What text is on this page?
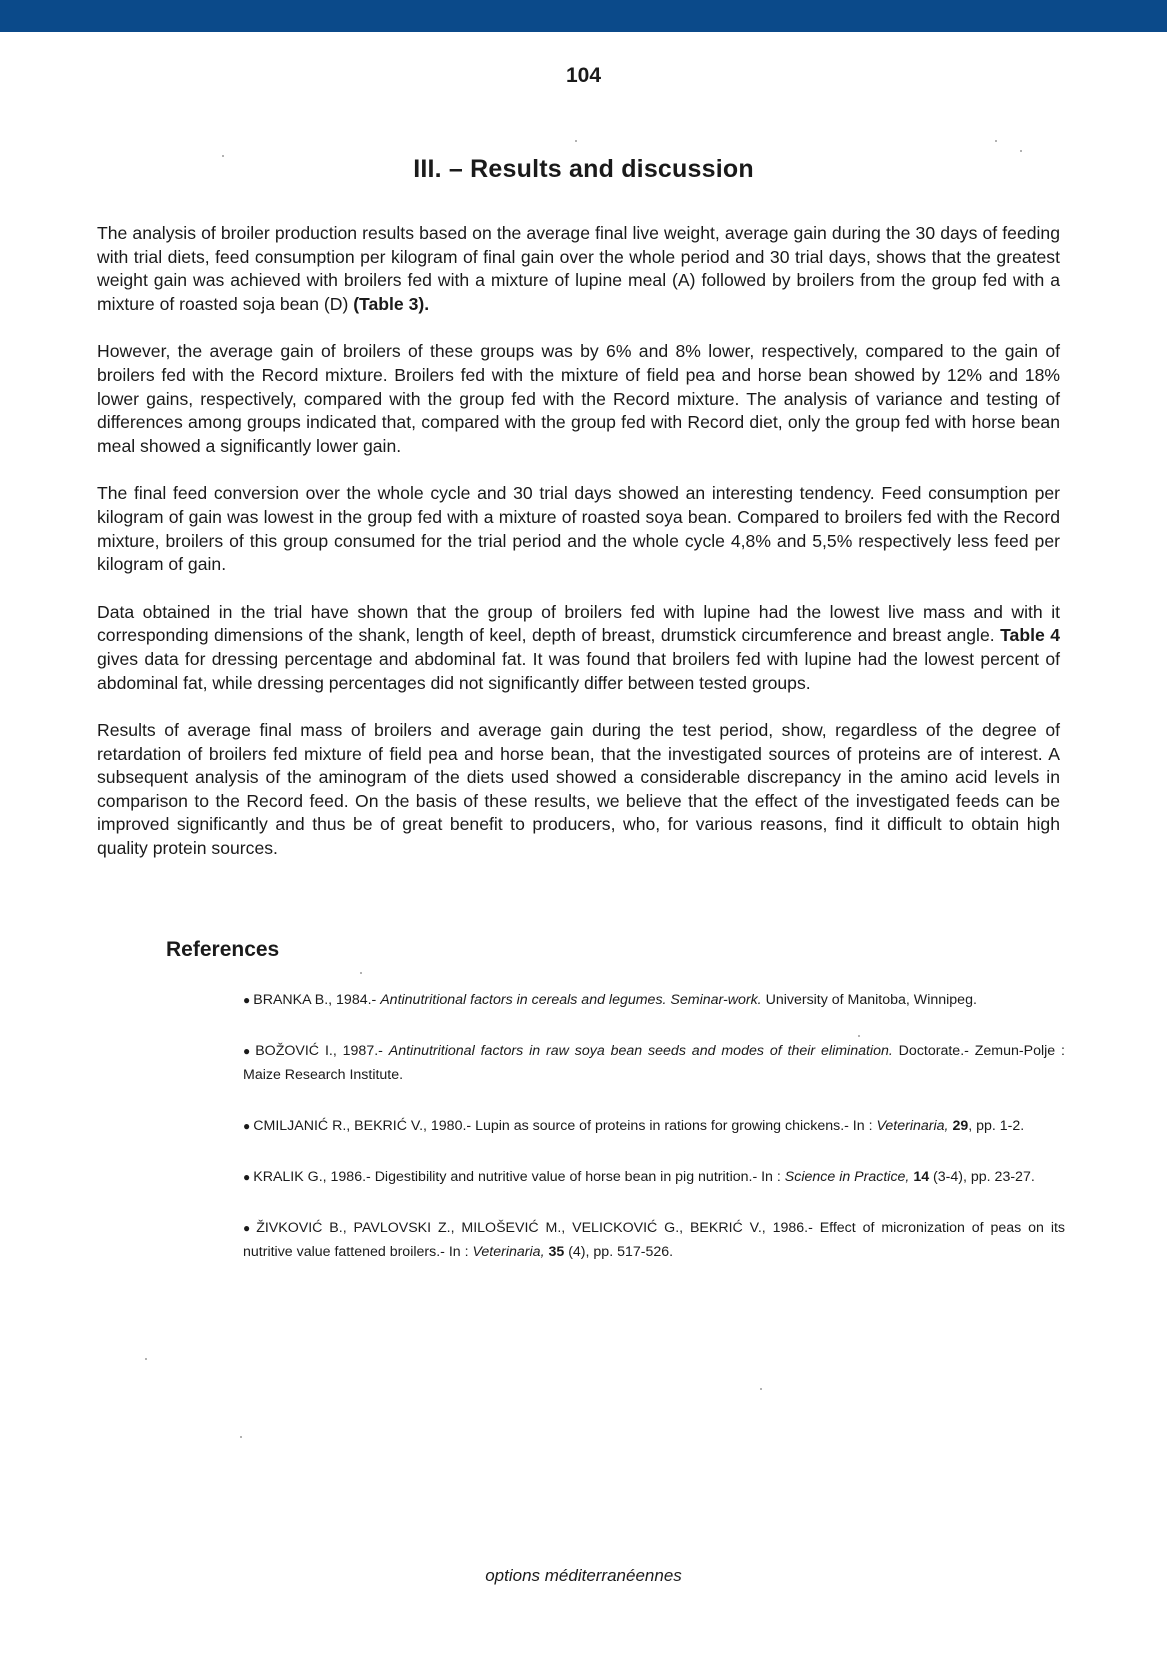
104
III. – Results and discussion

The analysis of broiler production results based on the average final live weight, average gain during the 30 days of feeding with trial diets, feed consumption per kilogram of final gain over the whole period and 30 trial days, shows that the greatest weight gain was achieved with broilers fed with a mixture of lupine meal (A) followed by broilers from the group fed with a mixture of roasted soja bean (D) (Table 3).

However, the average gain of broilers of these groups was by 6% and 8% lower, respectively, compared to the gain of broilers fed with the Record mixture. Broilers fed with the mixture of field pea and horse bean showed by 12% and 18% lower gains, respectively, compared with the group fed with the Record mixture. The analysis of variance and testing of differences among groups indicated that, compared with the group fed with Record diet, only the group fed with horse bean meal showed a significantly lower gain.

The final feed conversion over the whole cycle and 30 trial days showed an interesting tendency. Feed consumption per kilogram of gain was lowest in the group fed with a mixture of roasted soya bean. Compared to broilers fed with the Record mixture, broilers of this group consumed for the trial period and the whole cycle 4,8% and 5,5% respectively less feed per kilogram of gain.

Data obtained in the trial have shown that the group of broilers fed with lupine had the lowest live mass and with it corresponding dimensions of the shank, length of keel, depth of breast, drumstick circumference and breast angle. Table 4 gives data for dressing percentage and abdominal fat. It was found that broilers fed with lupine had the lowest percent of abdominal fat, while dressing percentages did not significantly differ between tested groups.

Results of average final mass of broilers and average gain during the test period, show, regardless of the degree of retardation of broilers fed mixture of field pea and horse bean, that the investigated sources of proteins are of interest. A subsequent analysis of the aminogram of the diets used showed a considerable discrepancy in the amino acid levels in comparison to the Record feed. On the basis of these results, we believe that the effect of the investigated feeds can be improved significantly and thus be of great benefit to producers, who, for various reasons, find it difficult to obtain high quality protein sources.

References

● BRANKA B., 1984.- Antinutritional factors in cereals and legumes. Seminar-work. University of Manitoba, Winnipeg.

● BOŽOVIĆ I., 1987.- Antinutritional factors in raw soya bean seeds and modes of their elimination. Doctorate.- Zemun-Polje : Maize Research Institute.

● CMILJANIĆ R., BEKRIĆ V., 1980.- Lupin as source of proteins in rations for growing chickens.- In : Veterinaria, 29, pp. 1-2.

● KRALIK G., 1986.- Digestibility and nutritive value of horse bean in pig nutrition.- In : Science in Practice, 14 (3-4), pp. 23-27.

● ŽIVKOVIĆ B., PAVLOVSKI Z., MILOŠEVIĆ M., VELICKOVIĆ G., BEKRIĆ V., 1986.- Effect of micronization of peas on its nutritive value fattened broilers.- In : Veterinaria, 35 (4), pp. 517-526.

options méditerranéennes
